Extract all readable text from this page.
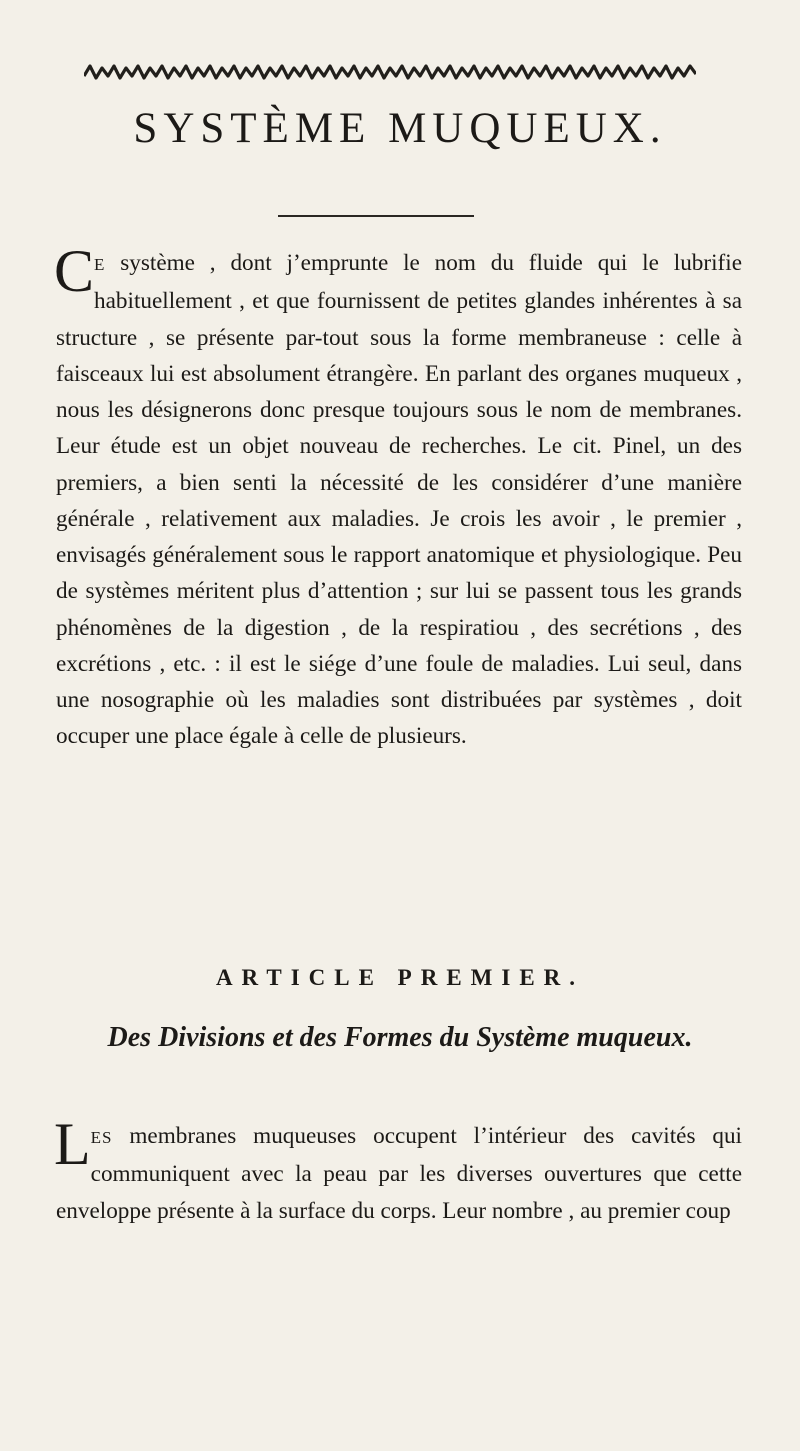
SYSTÈME MUQUEUX.

CE système , dont j’emprunte le nom du fluide qui le lubrifie habituellement , et que fournissent de petites glandes inhérentes à sa structure , se présente par-tout sous la forme membraneuse : celle à faisceaux lui est absolument étrangère. En parlant des organes muqueux , nous les désignerons donc presque toujours sous le nom de membranes. Leur étude est un objet nouveau de recherches. Le cit. Pinel, un des premiers, a bien senti la nécessité de les considérer d’une manière générale , relativement aux maladies. Je crois les avoir , le premier , envisagés généralement sous le rapport anatomique et physiologique. Peu de systèmes méritent plus d’attention ; sur lui se passent tous les grands phénomènes de la digestion , de la respiratiou , des secrétions , des excrétions , etc. : il est le siége d’une foule de maladies. Lui seul, dans une nosographie où les maladies sont distribuées par systèmes , doit occuper une place égale à celle de plusieurs.

ARTICLE PREMIER.
Des Divisions et des Formes du Système muqueux.

LES membranes muqueuses occupent l’intérieur des cavités qui communiquent avec la peau par les diverses ouvertures que cette enveloppe présente à la surface du corps. Leur nombre , au premier coup
